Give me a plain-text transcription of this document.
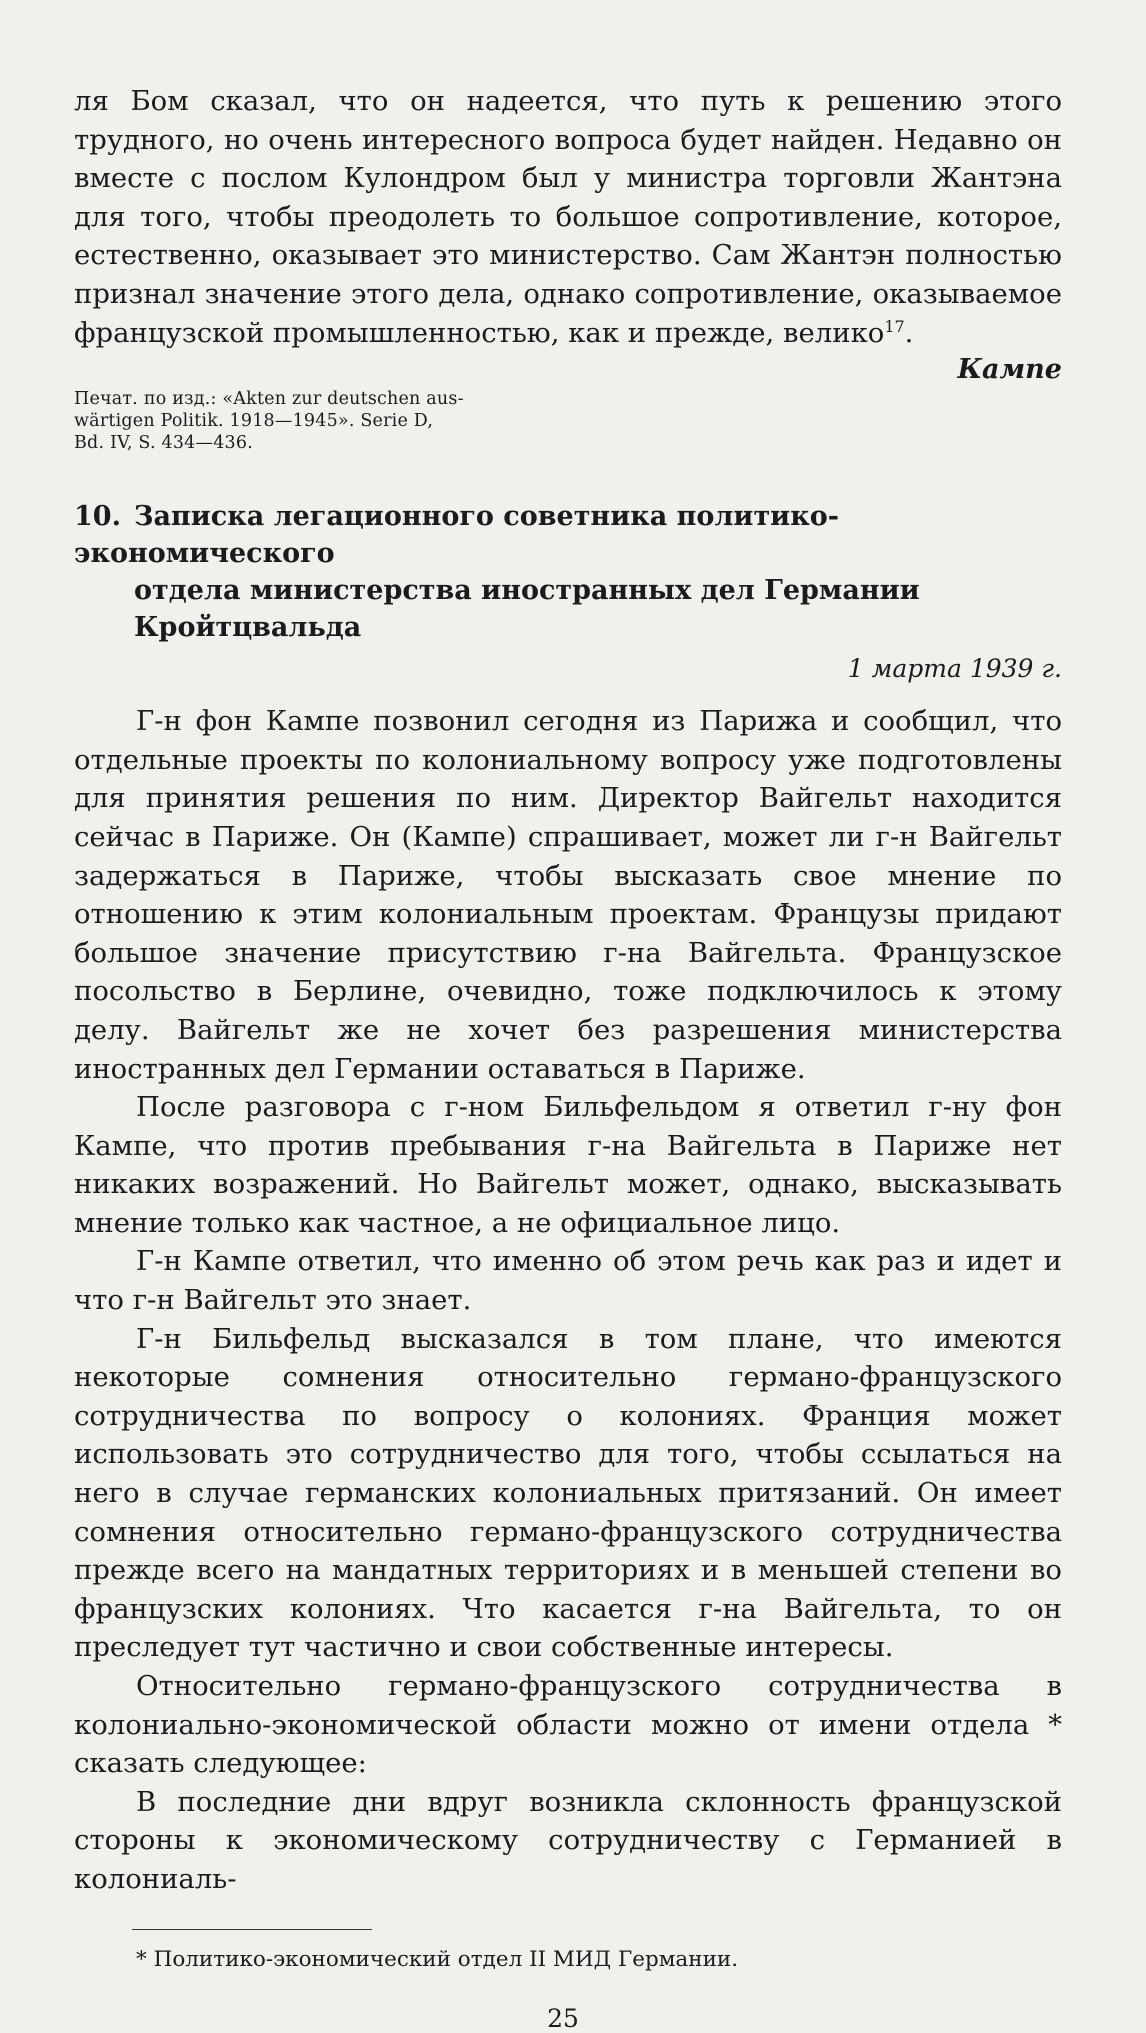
ля Бом сказал, что он надеется, что путь к решению этого трудного, но очень интересного вопроса будет найден. Недавно он вместе с послом Кулондром был у министра торговли Жантэна для того, чтобы преодолеть то большое сопротивление, которое, естественно, оказывает это министерство. Сам Жантэн полностью признал значение этого дела, однако сопротивление, оказываемое французской промышленностью, как и прежде, велико$^{17}$.

Кампе

Печат. по изд.: «Akten zur deutschen aus-
wärtigen Politik. 1918—1945». Serie D,
Bd. IV, S. 434—436.
10. Записка легационного советника политико-экономического
отдела министерства иностранных дел Германии Кройтцвальда
1 марта 1939 г.

Г-н фон Кампе позвонил сегодня из Парижа и сообщил, что отдельные проекты по колониальному вопросу уже подготовлены для принятия решения по ним. Директор Вайгельт находится сейчас в Париже. Он (Кампе) спрашивает, может ли г-н Вайгельт задержаться в Париже, чтобы высказать свое мнение по отношению к этим колониальным проектам. Французы придают большое значение присутствию г-на Вайгельта. Французское посольство в Берлине, очевидно, тоже подключилось к этому делу. Вайгельт же не хочет без разрешения министерства иностранных дел Германии оставаться в Париже.

После разговора с г-ном Бильфельдом я ответил г-ну фон Кампе, что против пребывания г-на Вайгельта в Париже нет никаких возражений. Но Вайгельт может, однако, высказывать мнение только как частное, а не официальное лицо.

Г-н Кампе ответил, что именно об этом речь как раз и идет и что г-н Вайгельт это знает.

Г-н Бильфельд высказался в том плане, что имеются некоторые сомнения относительно германо-французского сотрудничества по вопросу о колониях. Франция может использовать это сотрудничество для того, чтобы ссылаться на него в случае германских колониальных притязаний. Он имеет сомнения относительно германо-французского сотрудничества прежде всего на мандатных территориях и в меньшей степени во французских колониях. Что касается г-на Вайгельта, то он преследует тут частично и свои собственные интересы.

Относительно германо-французского сотрудничества в колониально-экономической области можно от имени отдела * сказать следующее:

В последние дни вдруг возникла склонность французской стороны к экономическому сотрудничеству с Германией в колониаль-

* Политико-экономический отдел II МИД Германии.

25
